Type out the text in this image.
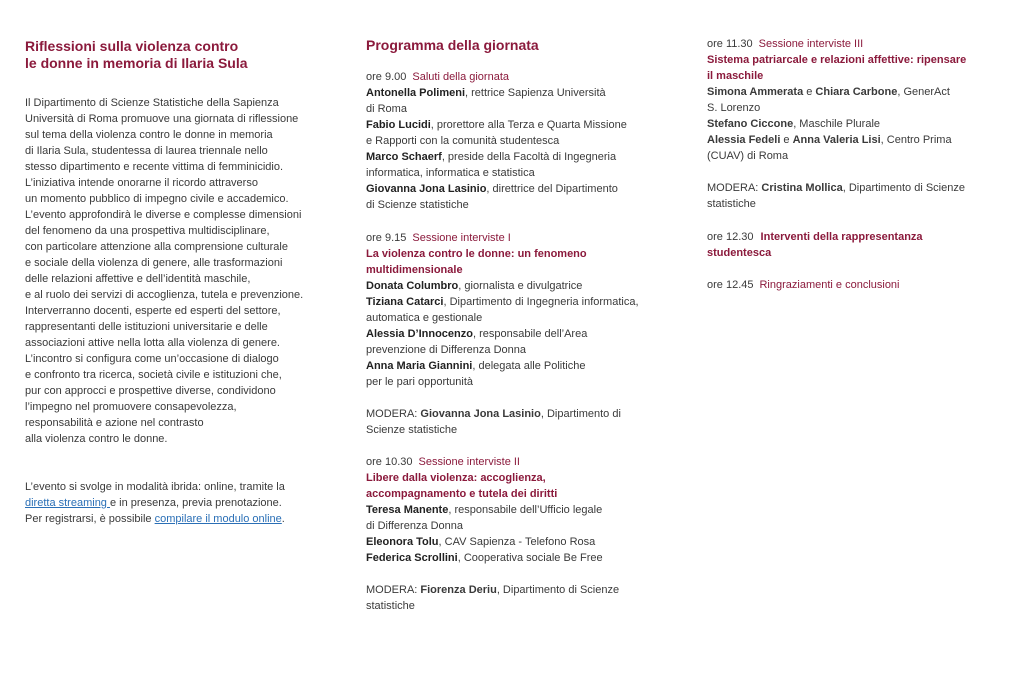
Riflessioni sulla violenza contro
le donne in memoria di Ilaria Sula
Il Dipartimento di Scienze Statistiche della Sapienza
Università di Roma promuove una giornata di riflessione
sul tema della violenza contro le donne in memoria
di Ilaria Sula, studentessa di laurea triennale nello
stesso dipartimento e recente vittima di femminicidio.
L’iniziativa intende onorarne il ricordo attraverso
un momento pubblico di impegno civile e accademico.
L’evento approfondirà le diverse e complesse dimensioni
del fenomeno da una prospettiva multidisciplinare,
con particolare attenzione alla comprensione culturale
e sociale della violenza di genere, alle trasformazioni
delle relazioni affettive e dell’identità maschile,
e al ruolo dei servizi di accoglienza, tutela e prevenzione.
Interverranno docenti, esperte ed esperti del settore,
rappresentanti delle istituzioni universitarie e delle
associazioni attive nella lotta alla violenza di genere.
L’incontro si configura come un’occasione di dialogo
e confronto tra ricerca, società civile e istituzioni che,
pur con approcci e prospettive diverse, condividono
l’impegno nel promuovere consapevolezza,
responsabilità e azione nel contrasto
alla violenza contro le donne.
L’evento si svolge in modalità ibrida: online, tramite la
diretta streaming e in presenza, previa prenotazione.
Per registrarsi, è possibile compilare il modulo online.
Programma della giornata
ore 9.00 Saluti della giornata
Antonella Polimeni, rettrice Sapienza Università
di Roma
Fabio Lucidi, prorettore alla Terza e Quarta Missione
e Rapporti con la comunità studentesca
Marco Schaerf, preside della Facoltà di Ingegneria
informatica, informatica e statistica
Giovanna Jona Lasinio, direttrice del Dipartimento
di Scienze statistiche
ore 9.15 Sessione interviste I
La violenza contro le donne: un fenomeno
multidimensionale
Donata Columbro, giornalista e divulgatrice
Tiziana Catarci, Dipartimento di Ingegneria informatica,
automatica e gestionale
Alessia D’Innocenzo, responsabile dell’Area
prevenzione di Differenza Donna
Anna Maria Giannini, delegata alle Politiche
per le pari opportunità
MODERA: Giovanna Jona Lasinio, Dipartimento di
Scienze statistiche
ore 10.30 Sessione interviste II
Libere dalla violenza: accoglienza,
accompagnamento e tutela dei diritti
Teresa Manente, responsabile dell’Ufficio legale
di Differenza Donna
Eleonora Tolu, CAV Sapienza - Telefono Rosa
Federica Scrollini, Cooperativa sociale Be Free
MODERA: Fiorenza Deriu, Dipartimento di Scienze
statistiche
ore 11.30 Sessione interviste III
Sistema patriarcale e relazioni affettive: ripensare
il maschile
Simona Ammerata e Chiara Carbone, GenerAct
S. Lorenzo
Stefano Ciccone, Maschile Plurale
Alessia Fedeli e Anna Valeria Lisi, Centro Prima
(CUAV) di Roma
MODERA: Cristina Mollica, Dipartimento di Scienze
statistiche
ore 12.30 Interventi della rappresentanza
studentesca
ore 12.45 Ringraziamenti e conclusioni
